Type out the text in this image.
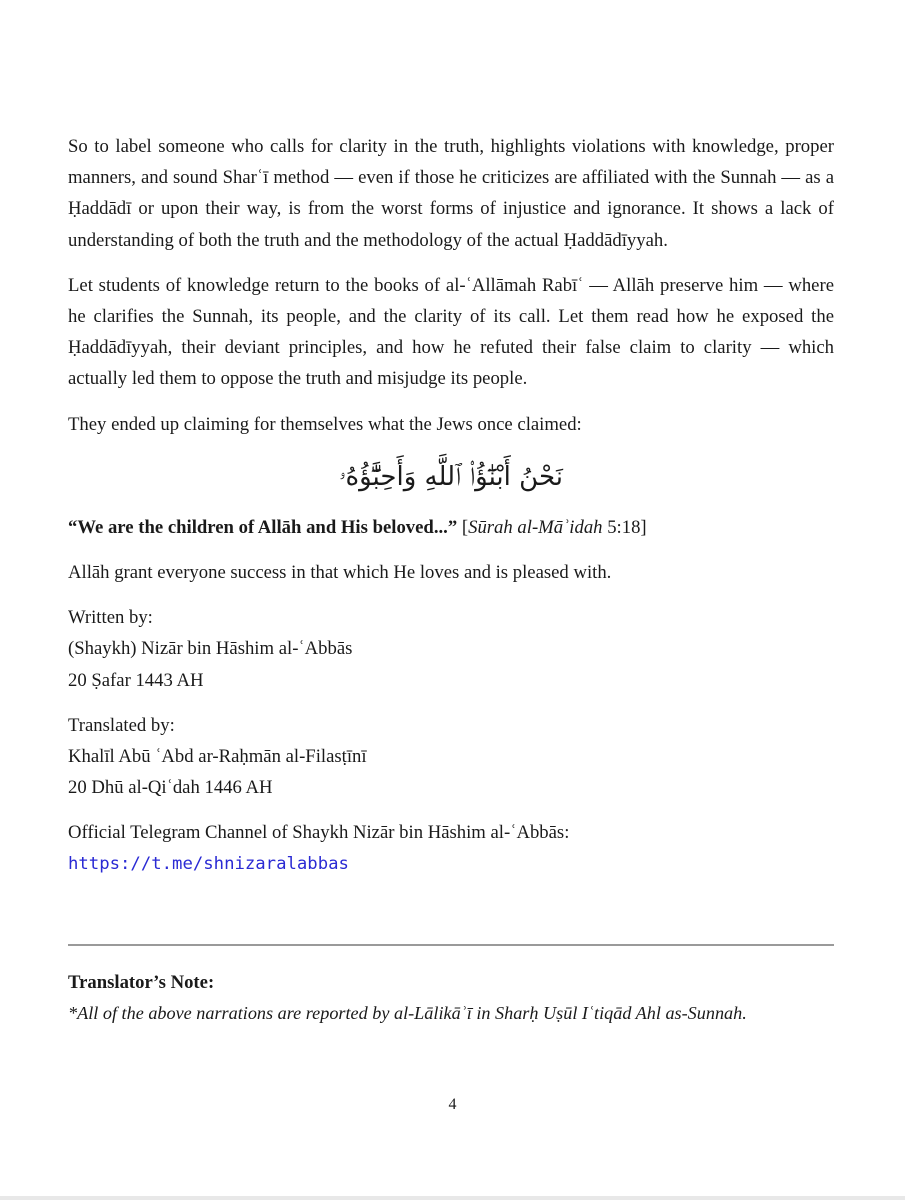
So to label someone who calls for clarity in the truth, highlights violations with knowledge, proper manners, and sound Sharʿī method — even if those he criticizes are affiliated with the Sunnah — as a Ḥaddādī or upon their way, is from the worst forms of injustice and ignorance. It shows a lack of understanding of both the truth and the methodology of the actual Ḥaddādīyyah.

Let students of knowledge return to the books of al-ʿAllāmah Rabīʿ — Allāh preserve him — where he clarifies the Sunnah, its people, and the clarity of its call. Let them read how he exposed the Ḥaddādīyyah, their deviant principles, and how he refuted their false claim to clarity — which actually led them to oppose the truth and misjudge its people.

They ended up claiming for themselves what the Jews once claimed:

نَحْنُ أَبْنَٰٓؤُا۟ ٱللَّهِ وَأَحِبَّٰٓؤُهُۥ

“We are the children of Allāh and His beloved...” [Sūrah al-Māʾidah 5:18]

Allāh grant everyone success in that which He loves and is pleased with.

Written by:

(Shaykh) Nizār bin Hāshim al-ʿAbbās

20 Ṣafar 1443 AH

Translated by:

Khalīl Abū ʿAbd ar-Raḥmān al-Filasṭīnī

20 Dhū al-Qiʿdah 1446 AH

Official Telegram Channel of Shaykh Nizār bin Hāshim al-ʿAbbās:

https://t.me/shnizaralabbas

Translator’s Note:

*All of the above narrations are reported by al-Lālikāʾī in Sharḥ Uṣūl Iʿtiqād Ahl as-Sunnah.

4
